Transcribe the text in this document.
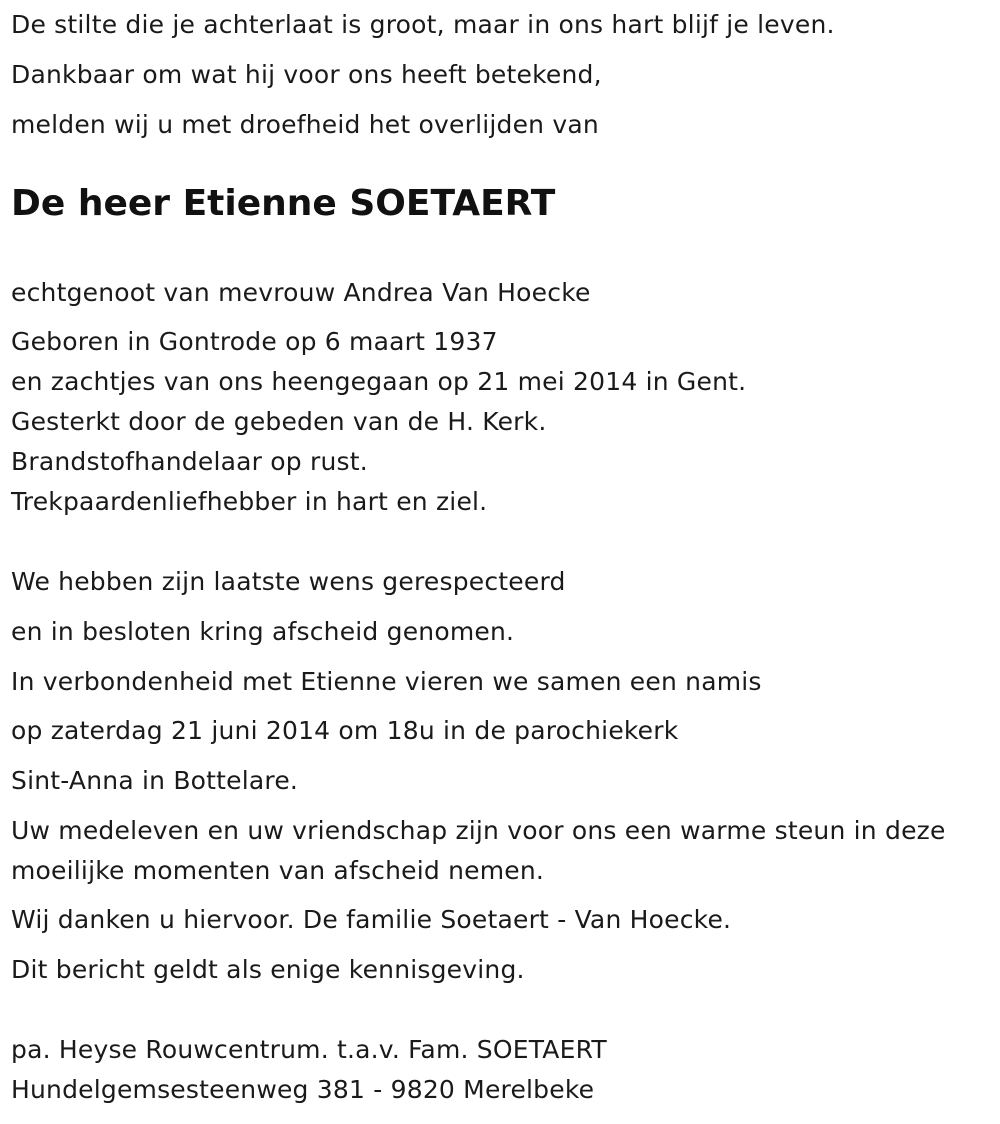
De stilte die je achterlaat is groot, maar in ons hart blijf je leven.

Dankbaar om wat hij voor ons heeft betekend,

melden wij u met droefheid het overlijden van

De heer Etienne SOETAERT

echtgenoot van mevrouw Andrea Van Hoecke

Geboren in Gontrode op 6 maart 1937

en zachtjes van ons heengegaan op 21 mei 2014 in Gent.

Gesterkt door de gebeden van de H. Kerk.

Brandstofhandelaar op rust.

Trekpaardenliefhebber in hart en ziel.

We hebben zijn laatste wens gerespecteerd

en in besloten kring afscheid genomen.

In verbondenheid met Etienne vieren we samen een namis

op zaterdag 21 juni 2014 om 18u in de parochiekerk

Sint-Anna in Bottelare.

Uw medeleven en uw vriendschap zijn voor ons een warme steun in deze moeilijke momenten van afscheid nemen.

Wij danken u hiervoor. De familie Soetaert - Van Hoecke.

Dit bericht geldt als enige kennisgeving.

pa. Heyse Rouwcentrum. t.a.v. Fam. SOETAERT

Hundelgemsesteenweg 381 - 9820 Merelbeke
